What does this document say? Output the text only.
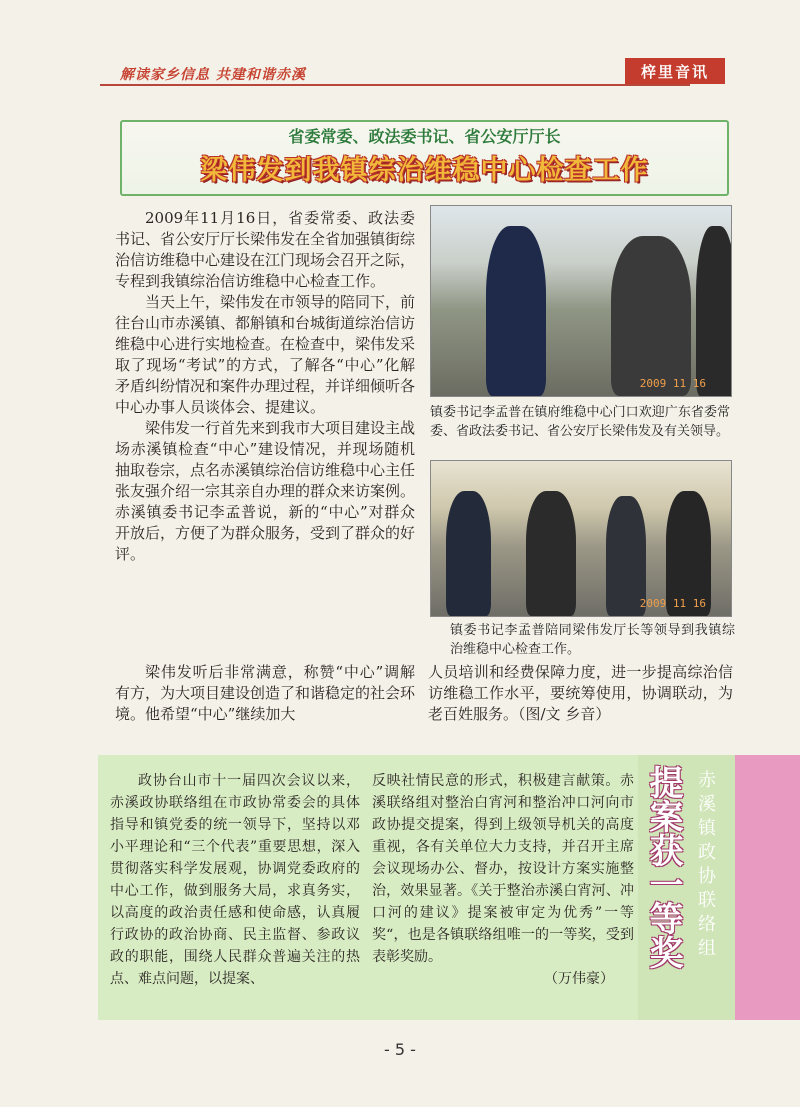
解读家乡信息 共建和谐赤溪	梓里音讯
省委常委、政法委书记、省公安厅厅长
梁伟发到我镇综治维稳中心检查工作

2009年11月16日，省委常委、政法委书记、省公安厅厅长梁伟发在全省加强镇街综治信访维稳中心建设在江门现场会召开之际，专程到我镇综治信访维稳中心检查工作。

当天上午，梁伟发在市领导的陪同下，前往台山市赤溪镇、都斛镇和台城街道综治信访维稳中心进行实地检查。在检查中，梁伟发采取了现场“考试”的方式，了解各“中心”化解矛盾纠纷情况和案件办理过程，并详细倾听各中心办事人员谈体会、提建议。

梁伟发一行首先来到我市大项目建设主战场赤溪镇检查“中心”建设情况，并现场随机抽取卷宗，点名赤溪镇综治信访维稳中心主任张友强介绍一宗其亲自办理的群众来访案例。赤溪镇委书记李孟普说，新的“中心”对群众开放后，方便了为群众服务，受到了群众的好评。

梁伟发听后非常满意，称赞“中心”调解有方，为大项目建设创造了和谐稳定的社会环境。他希望“中心”继续加大

人员培训和经费保障力度，进一步提高综治信访维稳工作水平，要统筹使用，协调联动，为老百姓服务。（图/文 乡音）

2009 11 16
镇委书记李孟普在镇府维稳中心门口欢迎广东省委常委、省政法委书记、省公安厅长梁伟发及有关领导。
2009 11 16
镇委书记李孟普陪同梁伟发厅长等领导到我镇综治维稳中心检查工作。

政协台山市十一届四次会议以来，赤溪政协联络组在市政协常委会的具体指导和镇党委的统一领导下，坚持以邓小平理论和“三个代表”重要思想，深入贯彻落实科学发展观，协调党委政府的中心工作，做到服务大局，求真务实，以高度的政治责任感和使命感，认真履行政协的政治协商、民主监督、参政议政的职能，围绕人民群众普遍关注的热点、难点问题，以提案、

反映社情民意的形式，积极建言献策。赤溪联络组对整治白宵河和整治冲口河向市政协提交提案，得到上级领导机关的高度重视，各有关单位大力支持，并召开主席会议现场办公、督办，按设计方案实施整治，效果显著。《关于整治赤溪白宵河、冲口河的建议》提案被审定为优秀”一等奖“，也是各镇联络组唯一的一等奖，受到表彰奖励。

（万伟豪）

提案获一等奖 赤溪镇政协联络组
- 5 -
